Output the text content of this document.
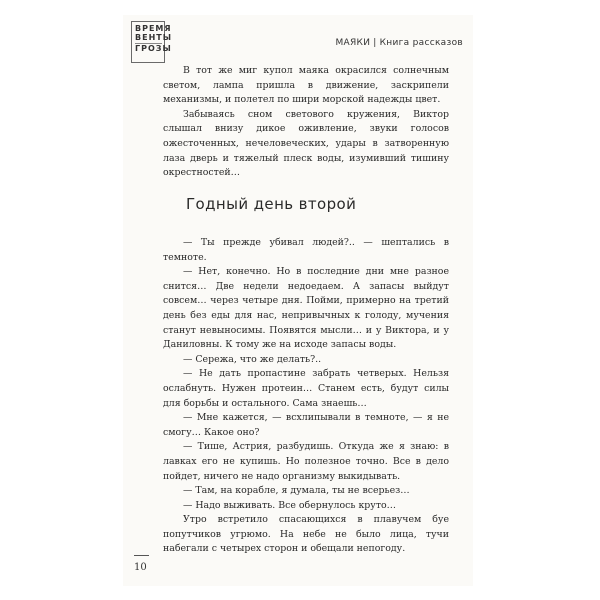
ВРЕМЯ
ВЕНТЫ
ГРОЗЫ
МАЯКИ | Книга рассказов

В тот же миг купол маяка окрасился солнечным светом, лампа пришла в движение, заскрипели механизмы, и полетел по шири морской надежды цвет.

Забываясь сном светового кружения, Виктор слышал внизу дикое оживление, звуки голосов ожесточенных, нечеловеческих, удары в затворенную лаза дверь и тяжелый плеск воды, изумивший тишину окрестностей…

Годный день второй

— Ты прежде убивал людей?.. — шептались в темноте.

— Нет, конечно. Но в последние дни мне разное снится… Две недели недоедаем. А запасы выйдут совсем… через четыре дня. Пойми, примерно на третий день без еды для нас, непривычных к голоду, мучения станут невыносимы. Появятся мысли… и у Виктора, и у Даниловны. К тому же на исходе запасы воды.

— Сережа, что же делать?..

— Не дать пропастине забрать четверых. Нельзя ослабнуть. Нужен протеин… Станем есть, будут силы для борьбы и остального. Сама знаешь…

— Мне кажется, — всхлипывали в темноте, — я не смогу… Какое оно?

— Тише, Астрия, разбудишь. Откуда же я знаю: в лавках его не купишь. Но полезное точно. Все в дело пойдет, ничего не надо организму выкидывать.

— Там, на корабле, я думала, ты не всерьез…

— Надо выживать. Все обернулось круто…

Утро встретило спасающихся в плавучем буе попутчиков угрюмо. На небе не было лица, тучи набегали с четырех сторон и обещали непогоду.

10
